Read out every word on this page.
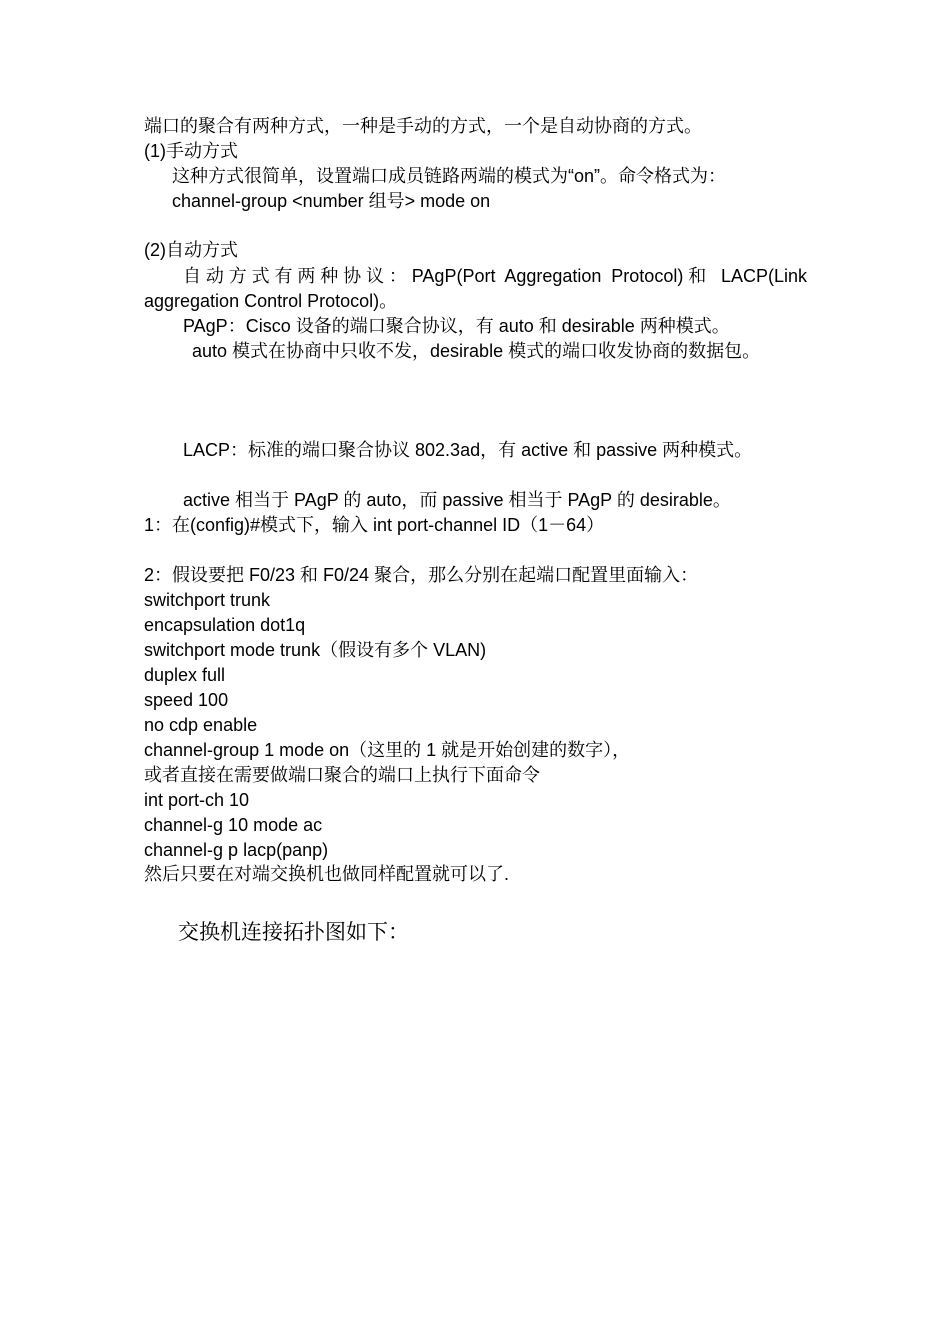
端口的聚合有两种方式，一种是手动的方式，一个是自动协商的方式。
(1)手动方式
这种方式很简单，设置端口成员链路两端的模式为“on”。命令格式为：
channel-group <number 组号> mode on
(2)自动方式
自动方式有两种协议：PAgP(Port Aggregation Protocol)和 LACP(Link
aggregation Control Protocol)。
PAgP：Cisco 设备的端口聚合协议，有 auto 和 desirable 两种模式。
auto 模式在协商中只收不发，desirable 模式的端口收发协商的数据包。
LACP：标准的端口聚合协议 802.3ad，有 active 和 passive 两种模式。
active 相当于 PAgP 的 auto，而 passive 相当于 PAgP 的 desirable。
1：在(config)#模式下，输入 int port-channel ID（1－64）
2：假设要把 F0/23 和 F0/24 聚合，那么分别在起端口配置里面输入：
switchport trunk
encapsulation dot1q
switchport mode trunk（假设有多个 VLAN)
duplex full
speed 100
no cdp enable
channel-group 1 mode on（这里的 1 就是开始创建的数字），
或者直接在需要做端口聚合的端口上执行下面命令
int port-ch 10
channel-g 10 mode ac
channel-g p lacp(panp)
然后只要在对端交换机也做同样配置就可以了.
交换机连接拓扑图如下：
